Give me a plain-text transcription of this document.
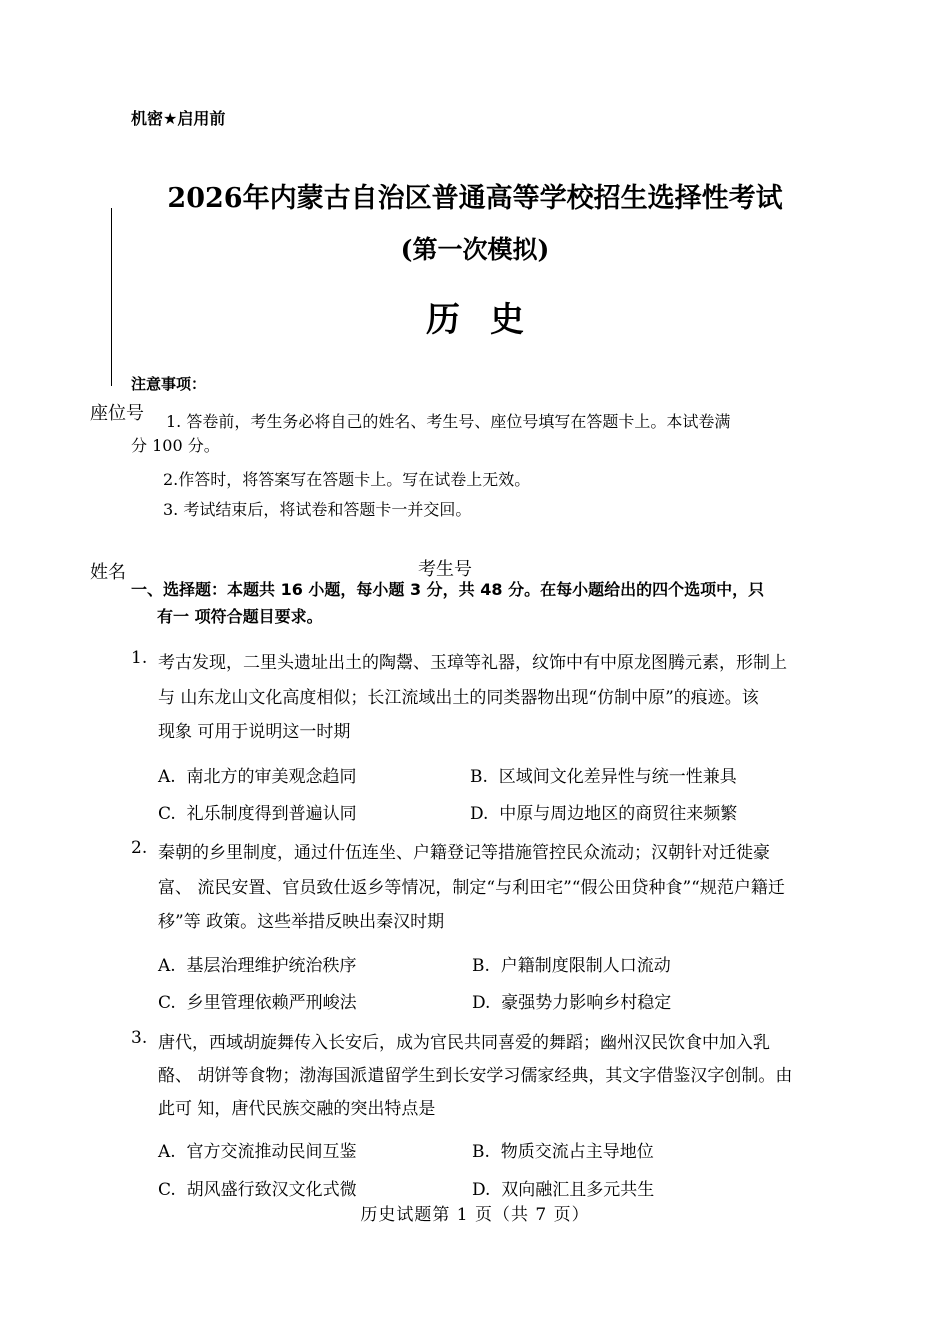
机密★启用前
2026年内蒙古自治区普通高等学校招生选择性考试
(第一次模拟)
历史
座位号
姓名	考生号
注意事项：
1. 答卷前，考生务必将自己的姓名、考生号、座位号填写在答题卡上。本试卷满
分 100 分。
2.作答时，将答案写在答题卡上。写在试卷上无效。
3. 考试结束后，将试卷和答题卡一并交回。
一、选择题：本题共 16 小题，每小题 3 分，共 48 分。在每小题给出的四个选项中，只
有一 项符合题目要求。
1. 考古发现，二里头遗址出土的陶鬶、玉璋等礼器，纹饰中有中原龙图腾元素，形制上
与 山东龙山文化高度相似；长江流域出土的同类器物出现“仿制中原”的痕迹。该
现象 可用于说明这一时期
A. 南北方的审美观念趋同	B. 区域间文化差异性与统一性兼具
C. 礼乐制度得到普遍认同	D. 中原与周边地区的商贸往来频繁
2. 秦朝的乡里制度，通过什伍连坐、户籍登记等措施管控民众流动；汉朝针对迁徙豪
富、 流民安置、官员致仕返乡等情况，制定“与利田宅”“假公田贷种食”“规范户籍迁
移”等 政策。这些举措反映出秦汉时期
A. 基层治理维护统治秩序	B. 户籍制度限制人口流动
C. 乡里管理依赖严刑峻法	D. 豪强势力影响乡村稳定
3. 唐代，西域胡旋舞传入长安后，成为官民共同喜爱的舞蹈；幽州汉民饮食中加入乳
酪、 胡饼等食物；渤海国派遣留学生到长安学习儒家经典，其文字借鉴汉字创制。由
此可 知，唐代民族交融的突出特点是
A. 官方交流推动民间互鉴	B. 物质交流占主导地位
C. 胡风盛行致汉文化式微	D. 双向融汇且多元共生
历史试题第 1 页（共 7 页）
